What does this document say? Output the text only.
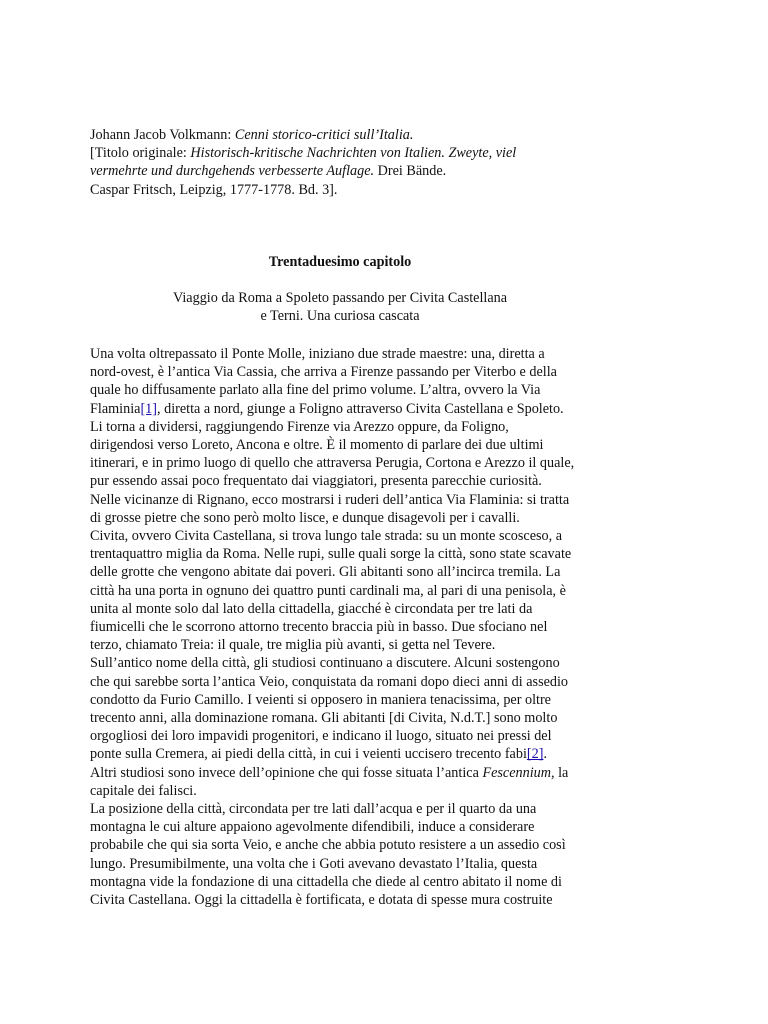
Johann Jacob Volkmann: Cenni storico-critici sull’Italia.
[Titolo originale: Historisch-kritische Nachrichten von Italien. Zweyte, viel
vermehrte und durchgehends verbesserte Auflage. Drei Bände.
Caspar Fritsch, Leipzig, 1777-1778. Bd. 3].
Trentaduesimo capitolo
Viaggio da Roma a Spoleto passando per Civita Castellana
e Terni. Una curiosa cascata
Una volta oltrepassato il Ponte Molle, iniziano due strade maestre: una, diretta a
nord-ovest, è l’antica Via Cassia, che arriva a Firenze passando per Viterbo e della
quale ho diffusamente parlato alla fine del primo volume. L’altra, ovvero la Via
Flaminia[1], diretta a nord, giunge a Foligno attraverso Civita Castellana e Spoleto.
Li torna a dividersi, raggiungendo Firenze via Arezzo oppure, da Foligno,
dirigendosi verso Loreto, Ancona e oltre. È il momento di parlare dei due ultimi
itinerari, e in primo luogo di quello che attraversa Perugia, Cortona e Arezzo il quale,
pur essendo assai poco frequentato dai viaggiatori, presenta parecchie curiosità.
Nelle vicinanze di Rignano, ecco mostrarsi i ruderi dell’antica Via Flaminia: si tratta
di grosse pietre che sono però molto lisce, e dunque disagevoli per i cavalli.
Civita, ovvero Civita Castellana, si trova lungo tale strada: su un monte scosceso, a
trentaquattro miglia da Roma. Nelle rupi, sulle quali sorge la città, sono state scavate
delle grotte che vengono abitate dai poveri. Gli abitanti sono all’incirca tremila. La
città ha una porta in ognuno dei quattro punti cardinali ma, al pari di una penisola, è
unita al monte solo dal lato della cittadella, giacché è circondata per tre lati da
fiumicelli che le scorrono attorno trecento braccia più in basso. Due sfociano nel
terzo, chiamato Treia: il quale, tre miglia più avanti, si getta nel Tevere.
Sull’antico nome della città, gli studiosi continuano a discutere. Alcuni sostengono
che qui sarebbe sorta l’antica Veio, conquistata da romani dopo dieci anni di assedio
condotto da Furio Camillo. I veienti si opposero in maniera tenacissima, per oltre
trecento anni, alla dominazione romana. Gli abitanti [di Civita, N.d.T.] sono molto
orgogliosi dei loro impavidi progenitori, e indicano il luogo, situato nei pressi del
ponte sulla Cremera, ai piedi della città, in cui i veienti uccisero trecento fabi[2].
Altri studiosi sono invece dell’opinione che qui fosse situata l’antica Fescennium, la
capitale dei falisci.
La posizione della città, circondata per tre lati dall’acqua e per il quarto da una
montagna le cui alture appaiono agevolmente difendibili, induce a considerare
probabile che qui sia sorta Veio, e anche che abbia potuto resistere a un assedio così
lungo. Presumibilmente, una volta che i Goti avevano devastato l’Italia, questa
montagna vide la fondazione di una cittadella che diede al centro abitato il nome di
Civita Castellana. Oggi la cittadella è fortificata, e dotata di spesse mura costruite
